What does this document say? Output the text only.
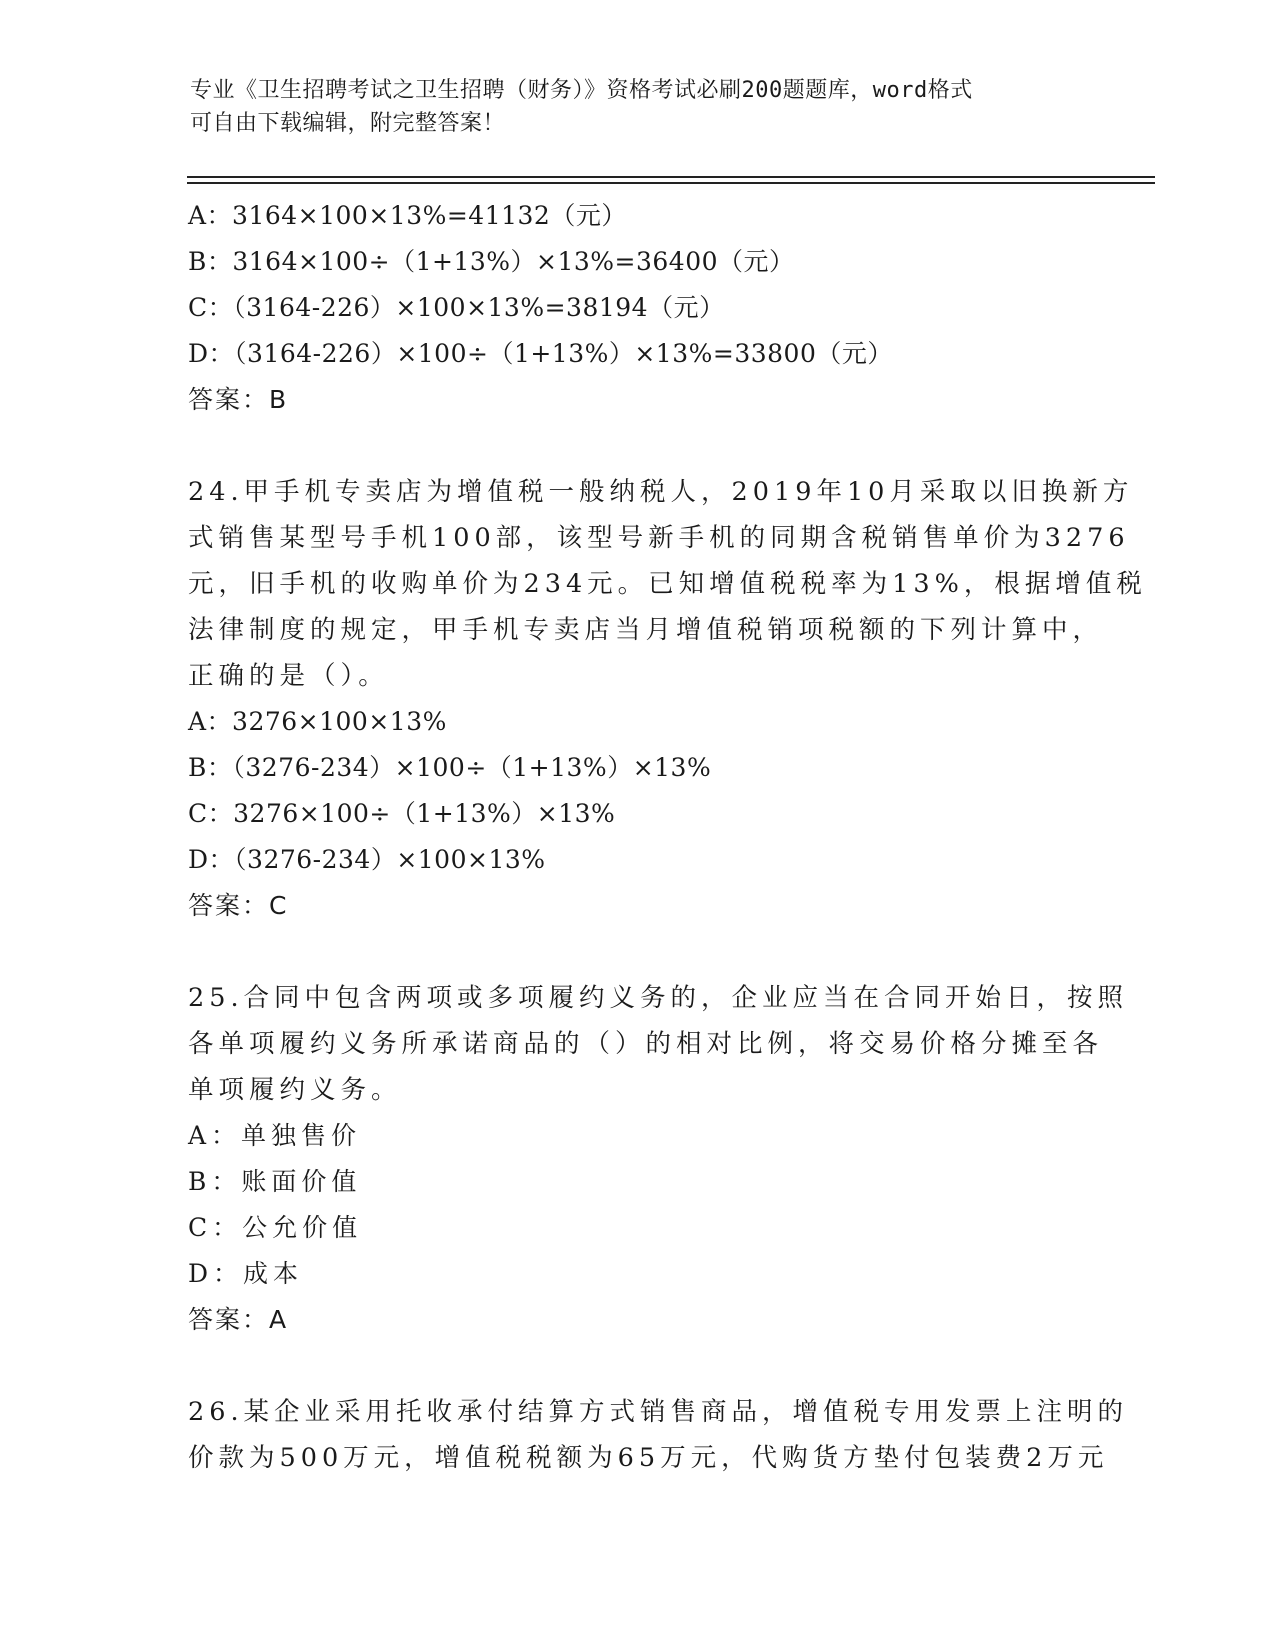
专业《卫生招聘考试之卫生招聘（财务）》资格考试必刷200题题库，word格式
可自由下载编辑，附完整答案！
A：3164×100×13%=41132（元）
B：3164×100÷（1+13%）×13%=36400（元）
C：（3164-226）×100×13%=38194（元）
D：（3164-226）×100÷（1+13%）×13%=33800（元）
答案：B
24.甲手机专卖店为增值税一般纳税人，2019年10月采取以旧换新方
式销售某型号手机100部，该型号新手机的同期含税销售单价为3276
元，旧手机的收购单价为234元。已知增值税税率为13%，根据增值税
法律制度的规定，甲手机专卖店当月增值税销项税额的下列计算中，
正确的是（）。
A：3276×100×13%
B：（3276-234）×100÷（1+13%）×13%
C：3276×100÷（1+13%）×13%
D：（3276-234）×100×13%
答案：C
25.合同中包含两项或多项履约义务的，企业应当在合同开始日，按照
各单项履约义务所承诺商品的（）的相对比例，将交易价格分摊至各
单项履约义务。
A：单独售价
B：账面价值
C：公允价值
D：成本
答案：A
26.某企业采用托收承付结算方式销售商品，增值税专用发票上注明的
价款为500万元，增值税税额为65万元，代购货方垫付包装费2万元
